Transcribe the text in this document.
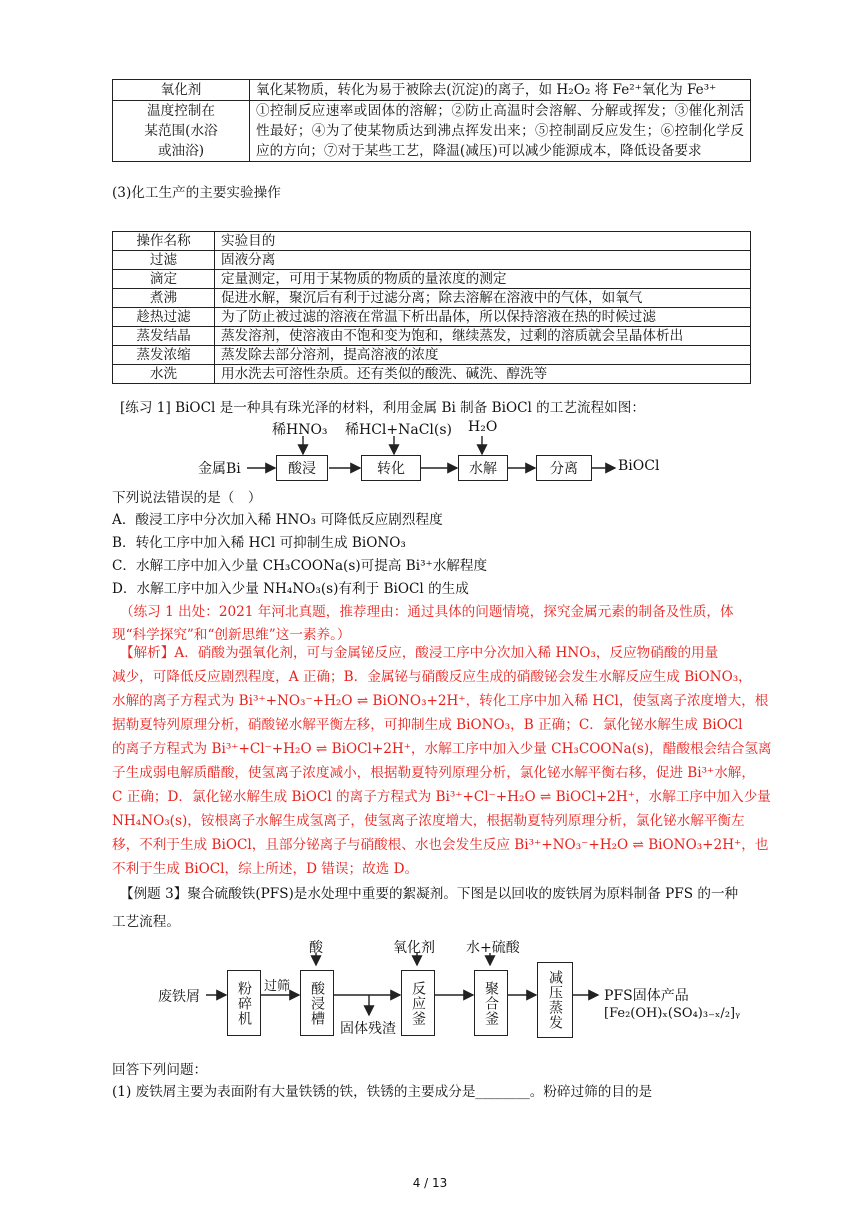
氧化剂	氧化某物质，转化为易于被除去(沉淀)的离子，如 H₂O₂ 将 Fe²⁺氧化为 Fe³⁺

温度控制在
某范围(水浴
或油浴)	①控制反应速率或固体的溶解；②防止高温时会溶解、分解或挥发；③催化剂活性最好；④为了使某物质达到沸点挥发出来；⑤控制副反应发生；⑥控制化学反应的方向；⑦对于某些工艺，降温(减压)可以减少能源成本，降低设备要求
(3)化工生产的主要实验操作
操作名称	实验目的
过滤	固液分离
滴定	定量测定，可用于某物质的物质的量浓度的测定
煮沸	促进水解，聚沉后有利于过滤分离；除去溶解在溶液中的气体，如氧气
趁热过滤	为了防止被过滤的溶液在常温下析出晶体，所以保持溶液在热的时候过滤
蒸发结晶	蒸发溶剂，使溶液由不饱和变为饱和，继续蒸发，过剩的溶质就会呈晶体析出
蒸发浓缩	蒸发除去部分溶剂，提高溶液的浓度
水洗	用水洗去可溶性杂质。还有类似的酸洗、碱洗、醇洗等
[练习 1] BiOCl 是一种具有珠光泽的材料，利用金属 Bi 制备 BiOCl 的工艺流程如图：
金属Bi	酸浸	转化	水解	分离	BiOCl
稀HNO₃ 稀HCl+NaCl(s) H₂O
下列说法错误的是（　）
A．酸浸工序中分次加入稀 HNO₃ 可降低反应剧烈程度
B．转化工序中加入稀 HCl 可抑制生成 BiONO₃
C．水解工序中加入少量 CH₃COONa(s)可提高 Bi³⁺水解程度
D．水解工序中加入少量 NH₄NO₃(s)有利于 BiOCl 的生成
（练习 1 出处：2021 年河北真题，推荐理由：通过具体的问题情境，探究金属元素的制备及性质，体
现“科学探究”和“创新思维”这一素养。）
【解析】A．硝酸为强氧化剂，可与金属铋反应，酸浸工序中分次加入稀 HNO₃，反应物硝酸的用量
减少，可降低反应剧烈程度，A 正确；B．金属铋与硝酸反应生成的硝酸铋会发生水解反应生成 BiONO₃，
水解的离子方程式为 Bi³⁺+NO₃⁻+H₂O ⇌ BiONO₃+2H⁺，转化工序中加入稀 HCl，使氢离子浓度增大，根
据勒夏特列原理分析，硝酸铋水解平衡左移，可抑制生成 BiONO₃，B 正确；C．氯化铋水解生成 BiOCl
的离子方程式为 Bi³⁺+Cl⁻+H₂O ⇌ BiOCl+2H⁺，水解工序中加入少量 CH₃COONa(s)，醋酸根会结合氢离
子生成弱电解质醋酸，使氢离子浓度减小，根据勒夏特列原理分析，氯化铋水解平衡右移，促进 Bi³⁺水解，
C 正确；D．氯化铋水解生成 BiOCl 的离子方程式为 Bi³⁺+Cl⁻+H₂O ⇌ BiOCl+2H⁺，水解工序中加入少量
NH₄NO₃(s)，铵根离子水解生成氢离子，使氢离子浓度增大，根据勒夏特列原理分析，氯化铋水解平衡左
移，不利于生成 BiOCl，且部分铋离子与硝酸根、水也会发生反应 Bi³⁺+NO₃⁻+H₂O ⇌ BiONO₃+2H⁺，也
不利于生成 BiOCl，综上所述，D 错误；故选 D。
【例题 3】聚合硫酸铁(PFS)是水处理中重要的絮凝剂。下图是以回收的废铁屑为原料制备 PFS 的一种
工艺流程。
废铁屑	粉碎机 过筛	酸浸槽	反应釜	聚合釜	减压蒸发
酸	氧化剂 水+硫酸
固体残渣
PFS固体产品
[Fe₂(OH)ₓ(SO₄)₃₋ₓ/₂]ᵧ
回答下列问题：
(1) 废铁屑主要为表面附有大量铁锈的铁，铁锈的主要成分是________。粉碎过筛的目的是
4 / 13
